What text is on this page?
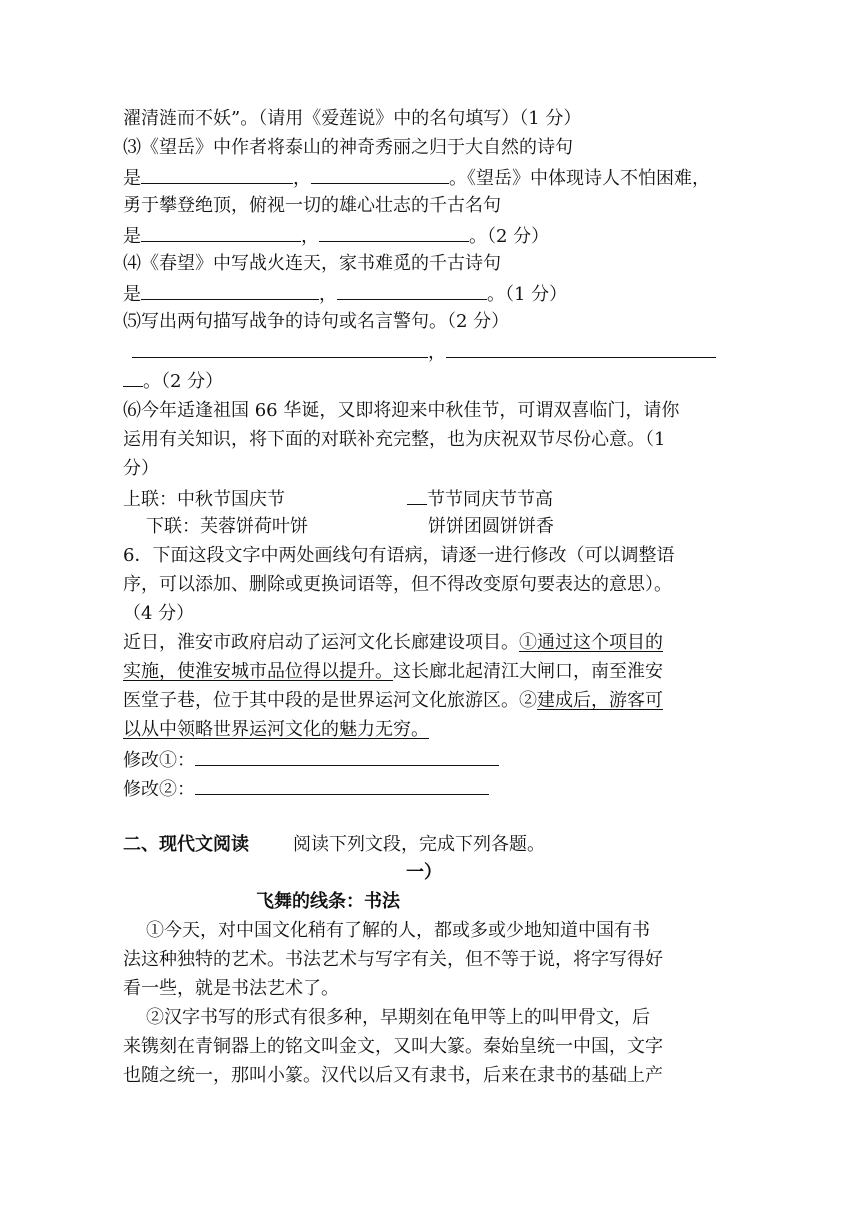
濯清涟而不妖”。（请用《爱莲说》中的名句填写）（1 分）
⑶《望岳》中作者将泰山的神奇秀丽之归于大自然的诗句
是	，	。《望岳》中体现诗人不怕困难，
勇于攀登绝顶，俯视一切的雄心壮志的千古名句
是	，	。（2 分）
⑷《春望》中写战火连天，家书难觅的千古诗句
是	，	。（1 分）
⑸写出两句描写战争的诗句或名言警句。（2 分）
，
。（2 分）
⑹今年适逢祖国 66 华诞，又即将迎来中秋佳节，可谓双喜临门，请你
运用有关知识，将下面的对联补充完整，也为庆祝双节尽份心意。（1
分）
上联：中秋节国庆节	节节同庆节节高
下联：芙蓉饼荷叶饼	饼饼团圆饼饼香
6．下面这段文字中两处画线句有语病，请逐一进行修改（可以调整语
序，可以添加、删除或更换词语等，但不得改变原句要表达的意思）。
（4 分）
近日，淮安市政府启动了运河文化长廊建设项目。①通过这个项目的
实施，使淮安城市品位得以提升。这长廊北起清江大闸口，南至淮安
医堂子巷，位于其中段的是世界运河文化旅游区。②建成后，游客可
以从中领略世界运河文化的魅力无穷。
修改①：
修改②：
二、现代文阅读 阅读下列文段，完成下列各题。
一）
飞舞的线条：书法
①今天，对中国文化稍有了解的人，都或多或少地知道中国有书
法这种独特的艺术。书法艺术与写字有关，但不等于说，将字写得好
看一些，就是书法艺术了。
②汉字书写的形式有很多种，早期刻在龟甲等上的叫甲骨文，后
来镌刻在青铜器上的铭文叫金文，又叫大篆。秦始皇统一中国，文字
也随之统一，那叫小篆。汉代以后又有隶书，后来在隶书的基础上产
